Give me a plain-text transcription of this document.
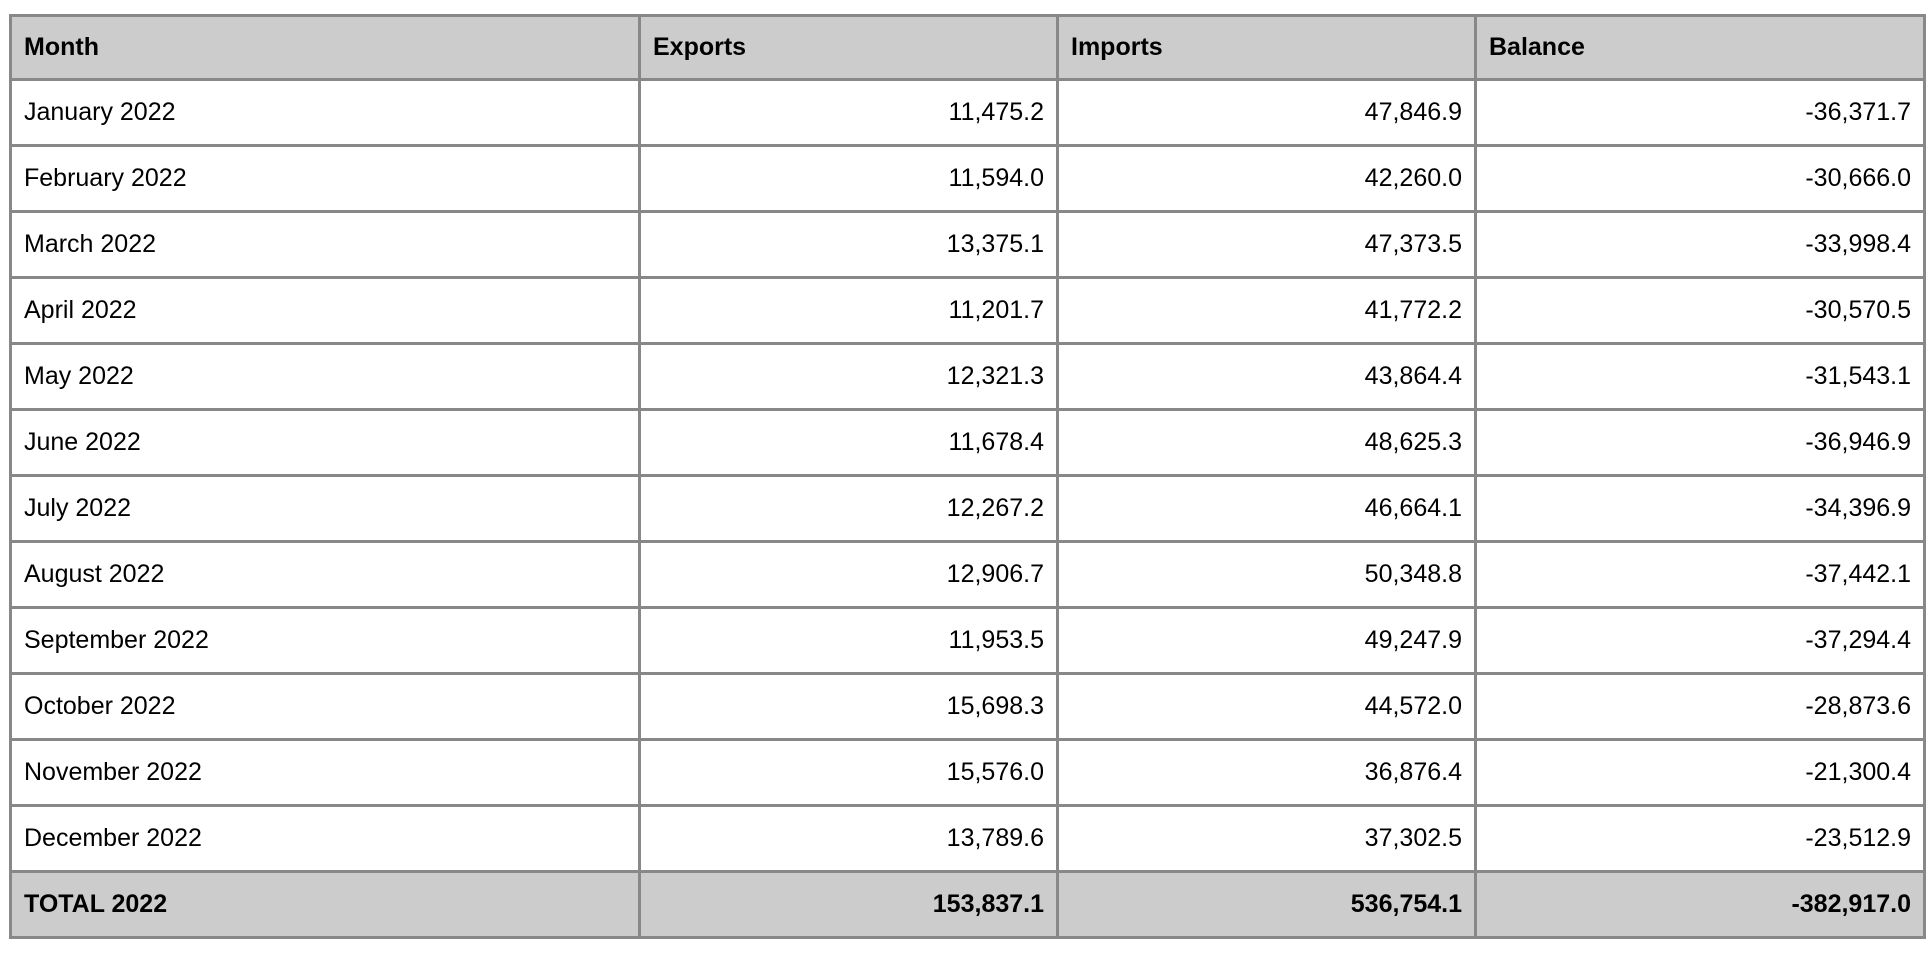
Month	Exports	Imports	Balance
January 2022	11,475.2	47,846.9	-36,371.7
February 2022	11,594.0	42,260.0	-30,666.0
March 2022	13,375.1	47,373.5	-33,998.4
April 2022	11,201.7	41,772.2	-30,570.5
May 2022	12,321.3	43,864.4	-31,543.1
June 2022	11,678.4	48,625.3	-36,946.9
July 2022	12,267.2	46,664.1	-34,396.9
August 2022	12,906.7	50,348.8	-37,442.1
September 2022	11,953.5	49,247.9	-37,294.4
October 2022	15,698.3	44,572.0	-28,873.6
November 2022	15,576.0	36,876.4	-21,300.4
December 2022	13,789.6	37,302.5	-23,512.9
TOTAL 2022	153,837.1	536,754.1	-382,917.0
